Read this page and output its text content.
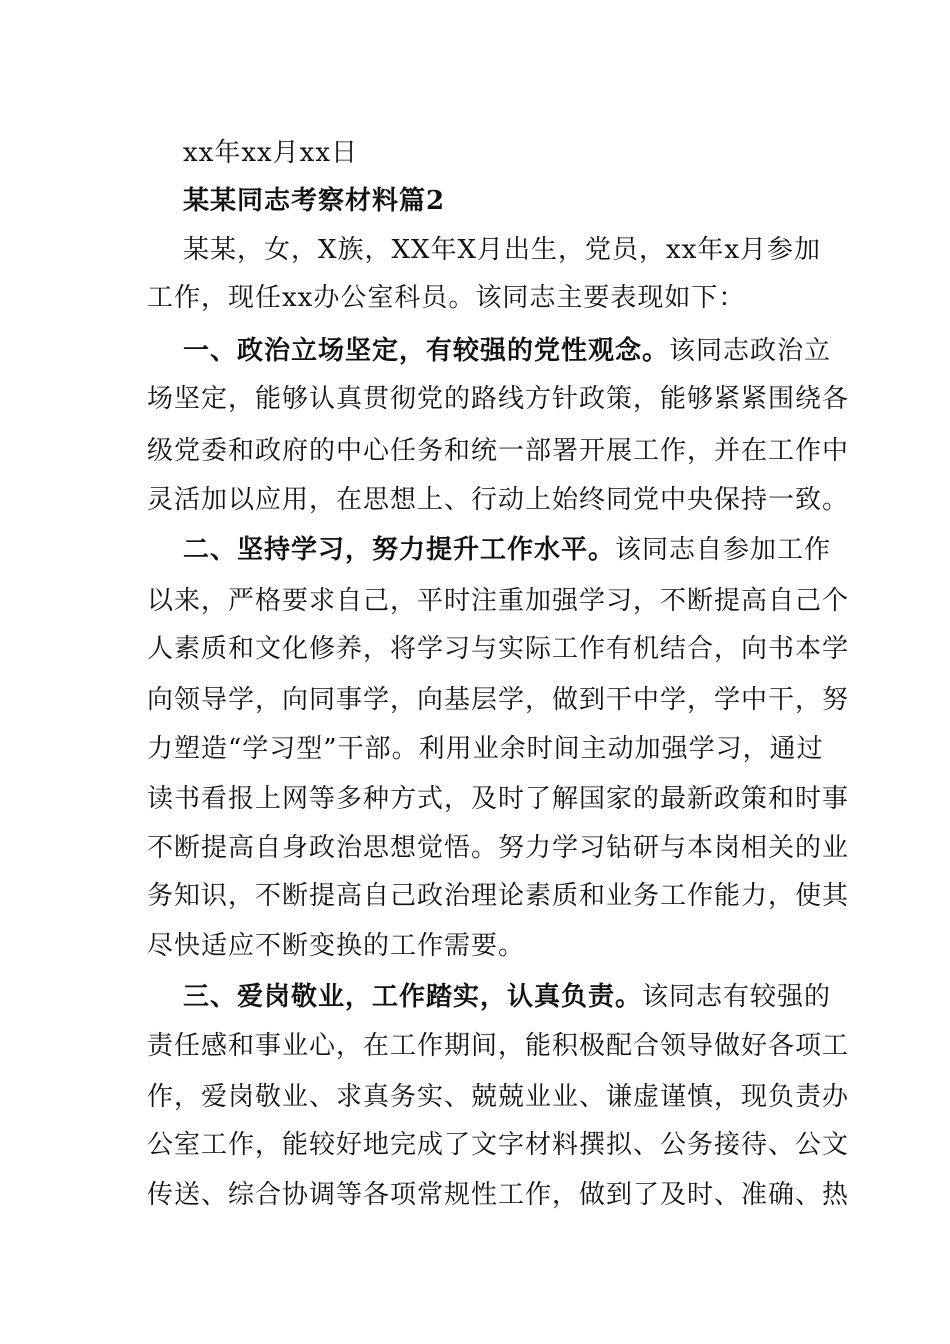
xx年xx月xx日
某某同志考察材料篇2
某某，女，X族，XX年X月出生，党员，xx年x月参加
工作，现任xx办公室科员。该同志主要表现如下：
一、政治立场坚定，有较强的党性观念。该同志政治立
场坚定，能够认真贯彻党的路线方针政策，能够紧紧围绕各
级党委和政府的中心任务和统一部署开展工作，并在工作中
灵活加以应用，在思想上、行动上始终同党中央保持一致。
二、坚持学习，努力提升工作水平。该同志自参加工作
以来，严格要求自己，平时注重加强学习，不断提高自己个
人素质和文化修养，将学习与实际工作有机结合，向书本学
向领导学，向同事学，向基层学，做到干中学，学中干，努
力塑造“学习型”干部。利用业余时间主动加强学习，通过
读书看报上网等多种方式，及时了解国家的最新政策和时事
不断提高自身政治思想觉悟。努力学习钻研与本岗相关的业
务知识，不断提高自己政治理论素质和业务工作能力，使其
尽快适应不断变换的工作需要。
三、爱岗敬业，工作踏实，认真负责。该同志有较强的
责任感和事业心，在工作期间，能积极配合领导做好各项工
作，爱岗敬业、求真务实、兢兢业业、谦虚谨慎，现负责办
公室工作，能较好地完成了文字材料撰拟、公务接待、公文
传送、综合协调等各项常规性工作，做到了及时、准确、热
